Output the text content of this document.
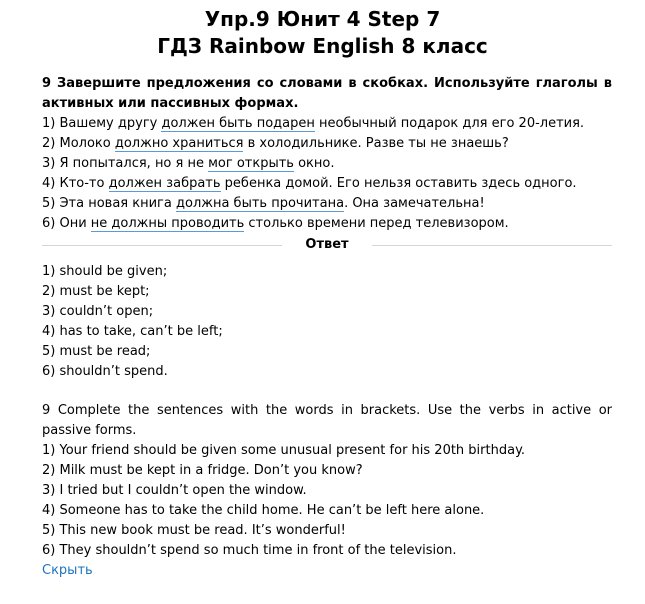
Упр.9 Юнит 4 Step 7
ГДЗ Rainbow English 8 класс

9 Завершите предложения со словами в скобках. Используйте глаголы в активных или пассивных формах.

1) Вашему другу должен быть подарен необычный подарок для его 20-летия.

2) Молоко должно храниться в холодильнике. Разве ты не знаешь?

3) Я попытался, но я не мог открыть окно.

4) Кто-то должен забрать ребенка домой. Его нельзя оставить здесь одного.

5) Эта новая книга должна быть прочитана. Она замечательна!

6) Они не должны проводить столько времени перед телевизором.

Ответ

1) should be given;

2) must be kept;

3) couldn’t open;

4) has to take, can’t be left;

5) must be read;

6) shouldn’t spend.

9 Complete the sentences with the words in brackets. Use the verbs in active or passive forms.

1) Your friend should be given some unusual present for his 20th birthday.

2) Milk must be kept in a fridge. Don’t you know?

3) I tried but I couldn’t open the window.

4) Someone has to take the child home. He can’t be left here alone.

5) This new book must be read. It’s wonderful!

6) They shouldn’t spend so much time in front of the television.

Скрыть
